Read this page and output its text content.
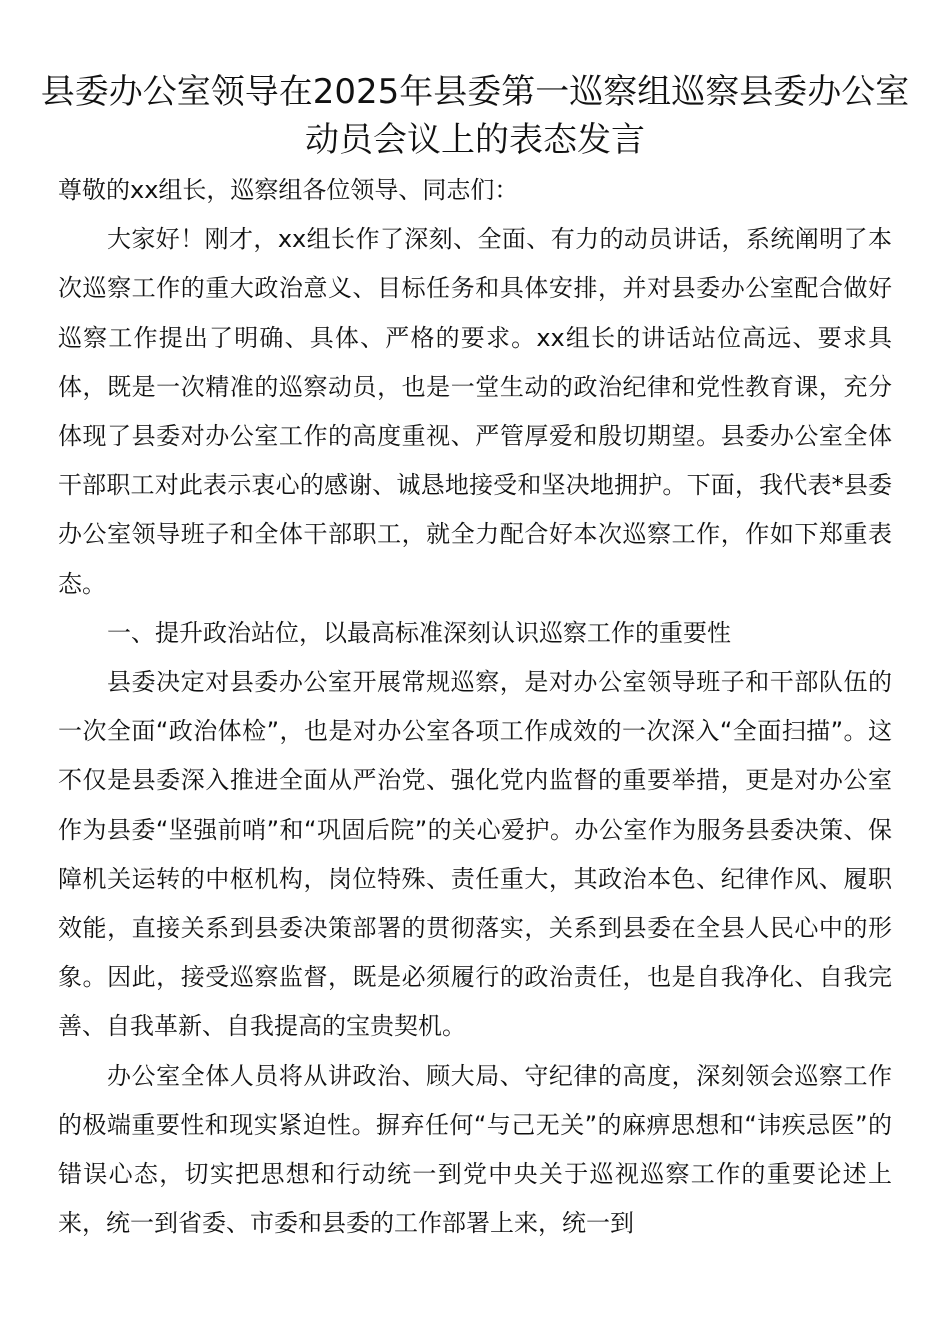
县委办公室领导在2025年县委第一巡察组巡察县委办公室动员会议上的表态发言

尊敬的xx组长，巡察组各位领导、同志们：

大家好！刚才，xx组长作了深刻、全面、有力的动员讲话，系统阐明了本次巡察工作的重大政治意义、目标任务和具体安排，并对县委办公室配合做好巡察工作提出了明确、具体、严格的要求。xx组长的讲话站位高远、要求具体，既是一次精准的巡察动员，也是一堂生动的政治纪律和党性教育课，充分体现了县委对办公室工作的高度重视、严管厚爱和殷切期望。县委办公室全体干部职工对此表示衷心的感谢、诚恳地接受和坚决地拥护。下面，我代表*县委办公室领导班子和全体干部职工，就全力配合好本次巡察工作，作如下郑重表态。

一、提升政治站位，以最高标准深刻认识巡察工作的重要性

县委决定对县委办公室开展常规巡察，是对办公室领导班子和干部队伍的一次全面“政治体检”，也是对办公室各项工作成效的一次深入“全面扫描”。这不仅是县委深入推进全面从严治党、强化党内监督的重要举措，更是对办公室作为县委“坚强前哨”和“巩固后院”的关心爱护。办公室作为服务县委决策、保障机关运转的中枢机构，岗位特殊、责任重大，其政治本色、纪律作风、履职效能，直接关系到县委决策部署的贯彻落实，关系到县委在全县人民心中的形象。因此，接受巡察监督，既是必须履行的政治责任，也是自我净化、自我完善、自我革新、自我提高的宝贵契机。

办公室全体人员将从讲政治、顾大局、守纪律的高度，深刻领会巡察工作的极端重要性和现实紧迫性。摒弃任何“与己无关”的麻痹思想和“讳疾忌医”的错误心态，切实把思想和行动统一到党中央关于巡视巡察工作的重要论述上来，统一到省委、市委和县委的工作部署上来，统一到
